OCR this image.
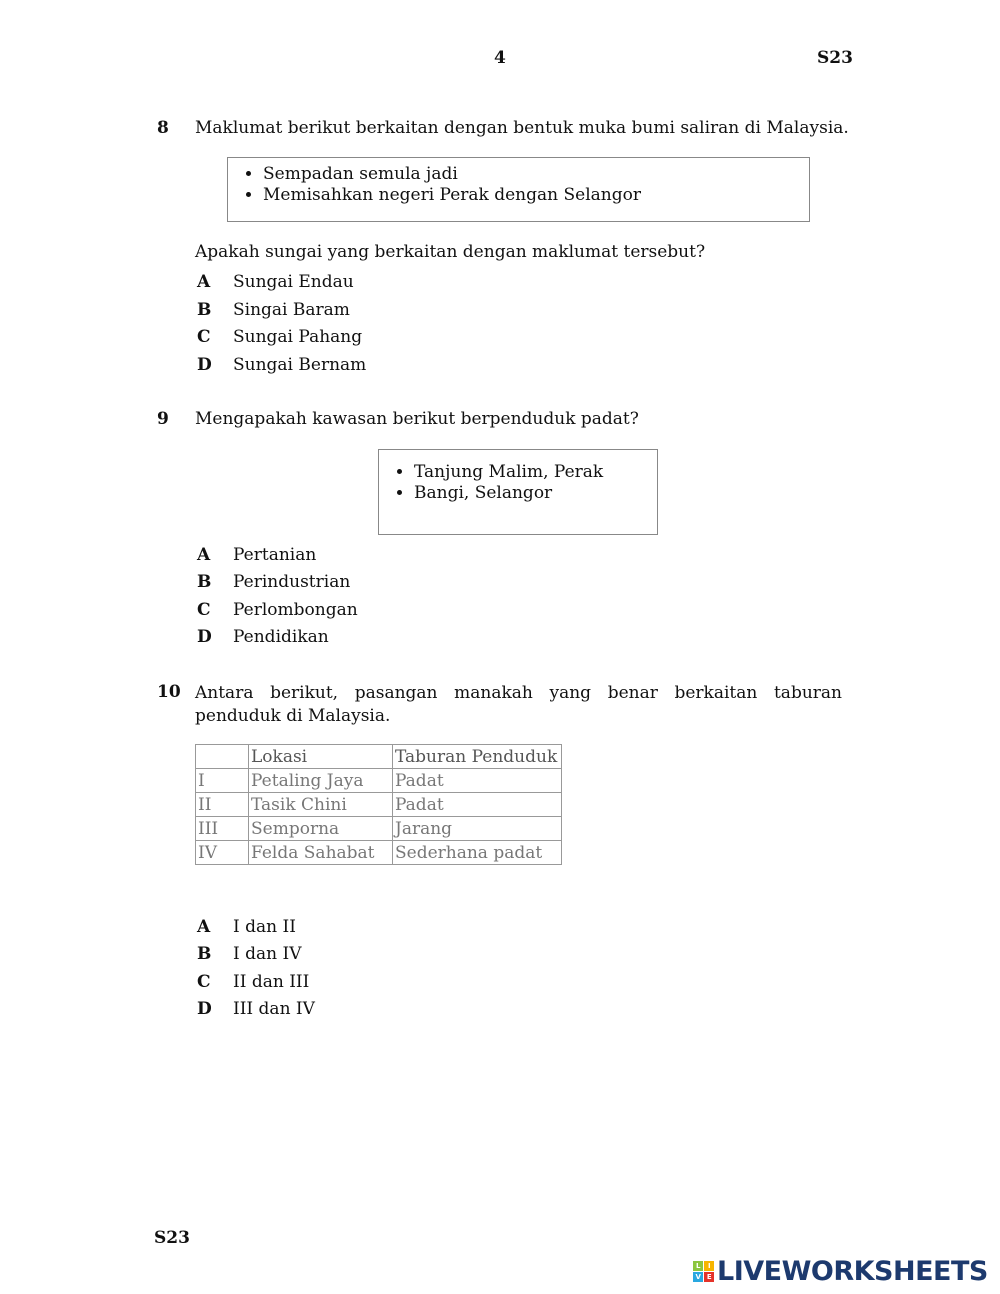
4	S23
8 Maklumat berikut berkaitan dengan bentuk muka bumi saliran di Malaysia.
• Sempadan semula jadi
• Memisahkan negeri Perak dengan Selangor
Apakah sungai yang berkaitan dengan maklumat tersebut?
A Sungai Endau
B Singai Baram
C Sungai Pahang
D Sungai Bernam
9 Mengapakah kawasan berikut berpenduduk padat?
• Tanjung Malim, Perak
• Bangi, Selangor
A Pertanian
B Perindustrian
C Perlombongan
D Pendidikan
10 Antara berikut, pasangan manakah yang benar berkaitan taburan penduduk di Malaysia.
	Lokasi	Taburan Penduduk
I	Petaling Jaya	Padat
II	Tasik Chini	Padat
III	Semporna	Jarang
IV	Felda Sahabat	Sederhana padat
A I dan II
B I dan IV
C II dan III
D III dan IV
S23
L	I
V E LIVEWORKSHEETS
